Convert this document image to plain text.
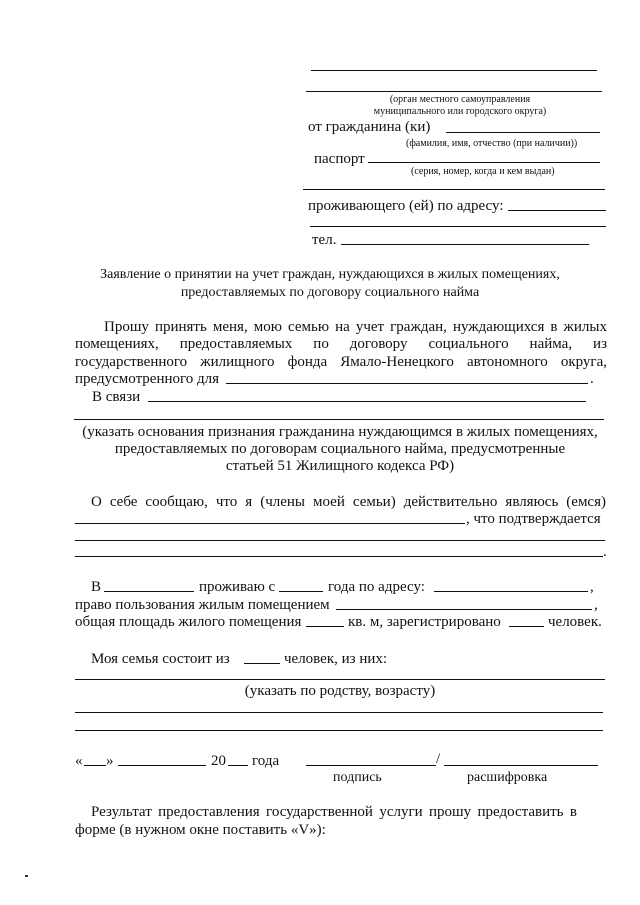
(орган местного самоуправления
муниципального или городского округа)
от гражданина (ки)
(фамилия, имя, отчество (при наличии))
паспорт
(серия, номер, когда и кем выдан)
проживающего (ей) по адресу:
тел.
Заявление о принятии на учет граждан, нуждающихся в жилых помещениях,
предоставляемых по договору социального найма
Прошу принять меня, мою семью на учет граждан, нуждающихся в жилых
помещениях, предоставляемых по договору социального найма, из
государственного жилищного фонда Ямало-Ненецкого автономного округа,
предусмотренного для	.
В связи
(указать основания признания гражданина нуждающимся в жилых помещениях,
предоставляемых по договорам социального найма, предусмотренные
статьей 51 Жилищного кодекса РФ)
О себе сообщаю, что я (члены моей семьи) действительно являюсь (емся)
, что подтверждается
.
В	проживаю с	года по адресу:	,
право пользования жилым помещением	,
общая площадь жилого помещения	кв. м, зарегистрировано	человек.
Моя семья состоит из	человек, из них:
(указать по родству, возрасту)
« »	20 года	/
подпись	расшифровка
Результат предоставления государственной услуги прошу предоставить в
форме (в нужном окне поставить «V»):
